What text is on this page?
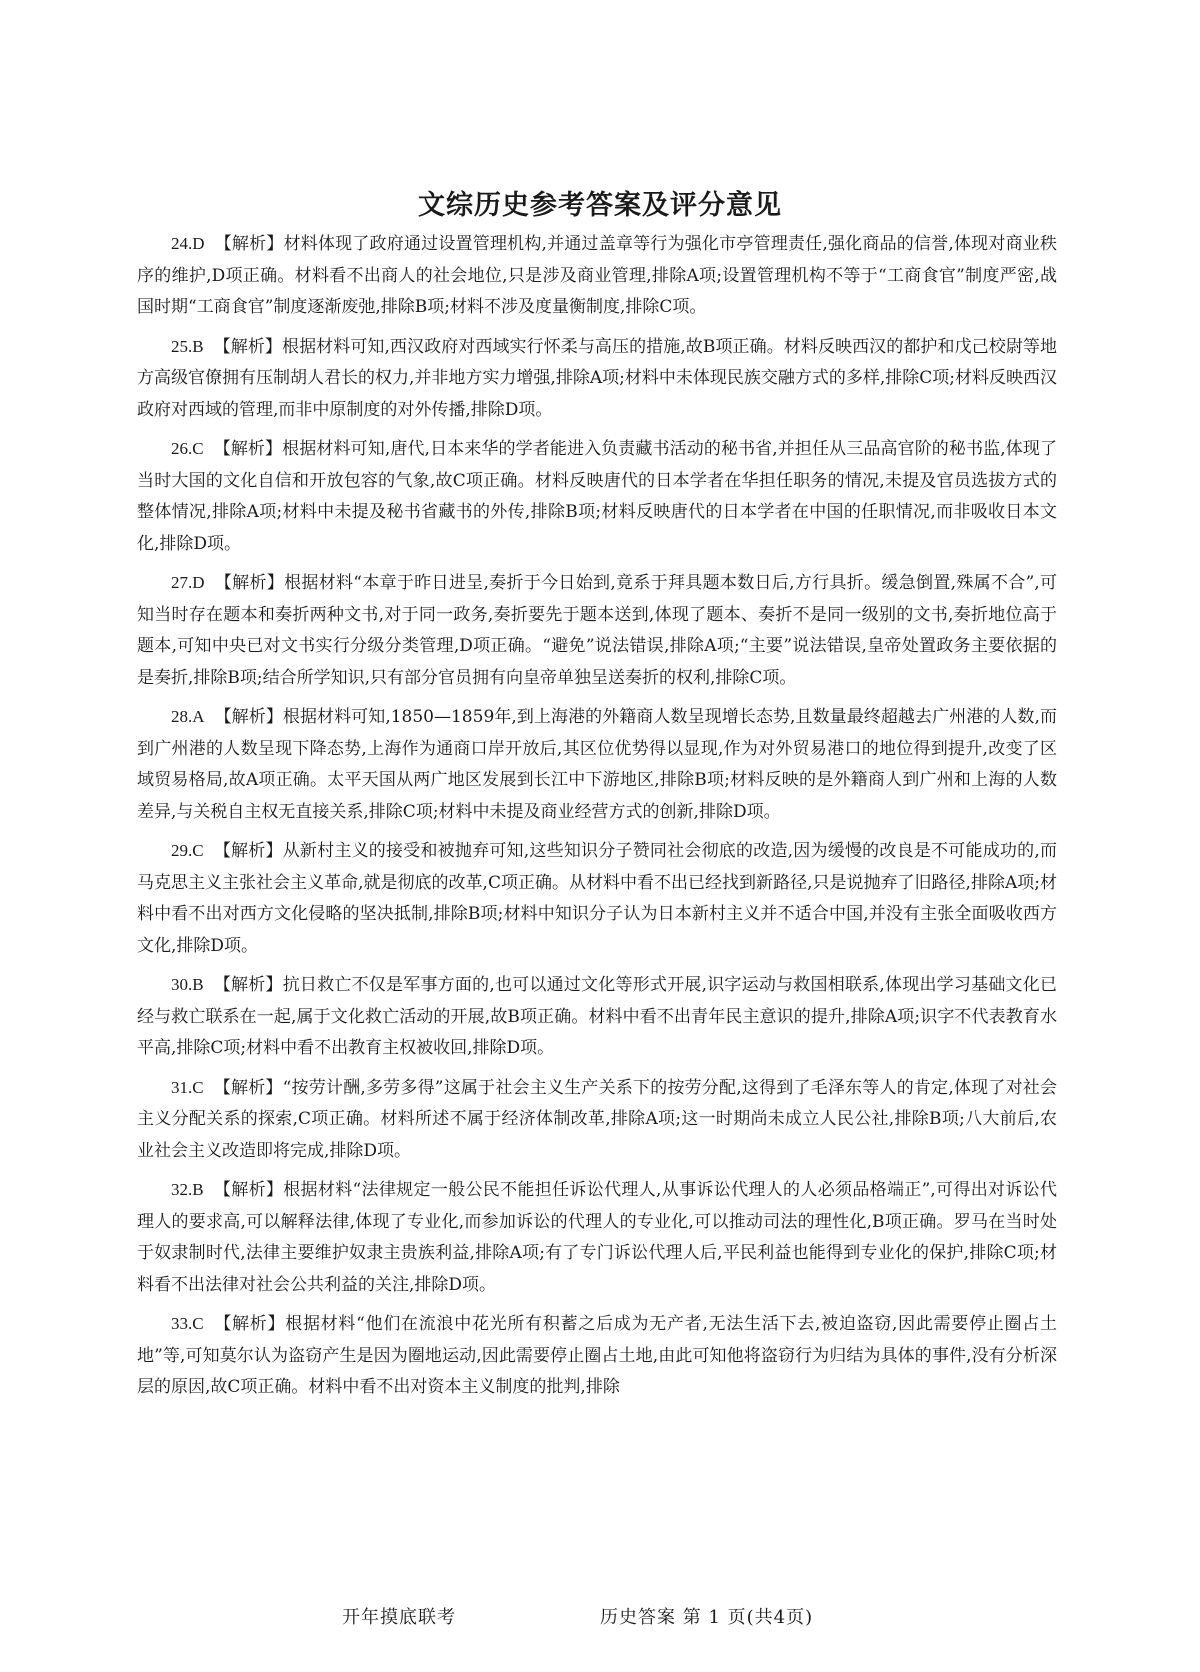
文综历史参考答案及评分意见

24.D 【解析】材料体现了政府通过设置管理机构,并通过盖章等行为强化市亭管理责任,强化商品的信誉,体现对商业秩序的维护,D项正确。材料看不出商人的社会地位,只是涉及商业管理,排除A项;设置管理机构不等于“工商食官”制度严密,战国时期“工商食官”制度逐渐废弛,排除B项;材料不涉及度量衡制度,排除C项。

25.B 【解析】根据材料可知,西汉政府对西域实行怀柔与高压的措施,故B项正确。材料反映西汉的都护和戊己校尉等地方高级官僚拥有压制胡人君长的权力,并非地方实力增强,排除A项;材料中未体现民族交融方式的多样,排除C项;材料反映西汉政府对西域的管理,而非中原制度的对外传播,排除D项。

26.C 【解析】根据材料可知,唐代,日本来华的学者能进入负责藏书活动的秘书省,并担任从三品高官阶的秘书监,体现了当时大国的文化自信和开放包容的气象,故C项正确。材料反映唐代的日本学者在华担任职务的情况,未提及官员选拔方式的整体情况,排除A项;材料中未提及秘书省藏书的外传,排除B项;材料反映唐代的日本学者在中国的任职情况,而非吸收日本文化,排除D项。

27.D 【解析】根据材料“本章于昨日进呈,奏折于今日始到,竟系于拜具题本数日后,方行具折。缓急倒置,殊属不合”,可知当时存在题本和奏折两种文书,对于同一政务,奏折要先于题本送到,体现了题本、奏折不是同一级别的文书,奏折地位高于题本,可知中央已对文书实行分级分类管理,D项正确。“避免”说法错误,排除A项;“主要”说法错误,皇帝处置政务主要依据的是奏折,排除B项;结合所学知识,只有部分官员拥有向皇帝单独呈送奏折的权利,排除C项。

28.A 【解析】根据材料可知,1850—1859年,到上海港的外籍商人数呈现增长态势,且数量最终超越去广州港的人数,而到广州港的人数呈现下降态势,上海作为通商口岸开放后,其区位优势得以显现,作为对外贸易港口的地位得到提升,改变了区域贸易格局,故A项正确。太平天国从两广地区发展到长江中下游地区,排除B项;材料反映的是外籍商人到广州和上海的人数差异,与关税自主权无直接关系,排除C项;材料中未提及商业经营方式的创新,排除D项。

29.C 【解析】从新村主义的接受和被抛弃可知,这些知识分子赞同社会彻底的改造,因为缓慢的改良是不可能成功的,而马克思主义主张社会主义革命,就是彻底的改革,C项正确。从材料中看不出已经找到新路径,只是说抛弃了旧路径,排除A项;材料中看不出对西方文化侵略的坚决抵制,排除B项;材料中知识分子认为日本新村主义并不适合中国,并没有主张全面吸收西方文化,排除D项。

30.B 【解析】抗日救亡不仅是军事方面的,也可以通过文化等形式开展,识字运动与救国相联系,体现出学习基础文化已经与救亡联系在一起,属于文化救亡活动的开展,故B项正确。材料中看不出青年民主意识的提升,排除A项;识字不代表教育水平高,排除C项;材料中看不出教育主权被收回,排除D项。

31.C 【解析】“按劳计酬,多劳多得”这属于社会主义生产关系下的按劳分配,这得到了毛泽东等人的肯定,体现了对社会主义分配关系的探索,C项正确。材料所述不属于经济体制改革,排除A项;这一时期尚未成立人民公社,排除B项;八大前后,农业社会主义改造即将完成,排除D项。

32.B 【解析】根据材料“法律规定一般公民不能担任诉讼代理人,从事诉讼代理人的人必须品格端正”,可得出对诉讼代理人的要求高,可以解释法律,体现了专业化,而参加诉讼的代理人的专业化,可以推动司法的理性化,B项正确。罗马在当时处于奴隶制时代,法律主要维护奴隶主贵族利益,排除A项;有了专门诉讼代理人后,平民利益也能得到专业化的保护,排除C项;材料看不出法律对社会公共利益的关注,排除D项。

33.C 【解析】根据材料“他们在流浪中花光所有积蓄之后成为无产者,无法生活下去,被迫盗窃,因此需要停止圈占土地”等,可知莫尔认为盗窃产生是因为圈地运动,因此需要停止圈占土地,由此可知他将盗窃行为归结为具体的事件,没有分析深层的原因,故C项正确。材料中看不出对资本主义制度的批判,排除

开年摸底联考	历史答案 第 1 页(共4页)
